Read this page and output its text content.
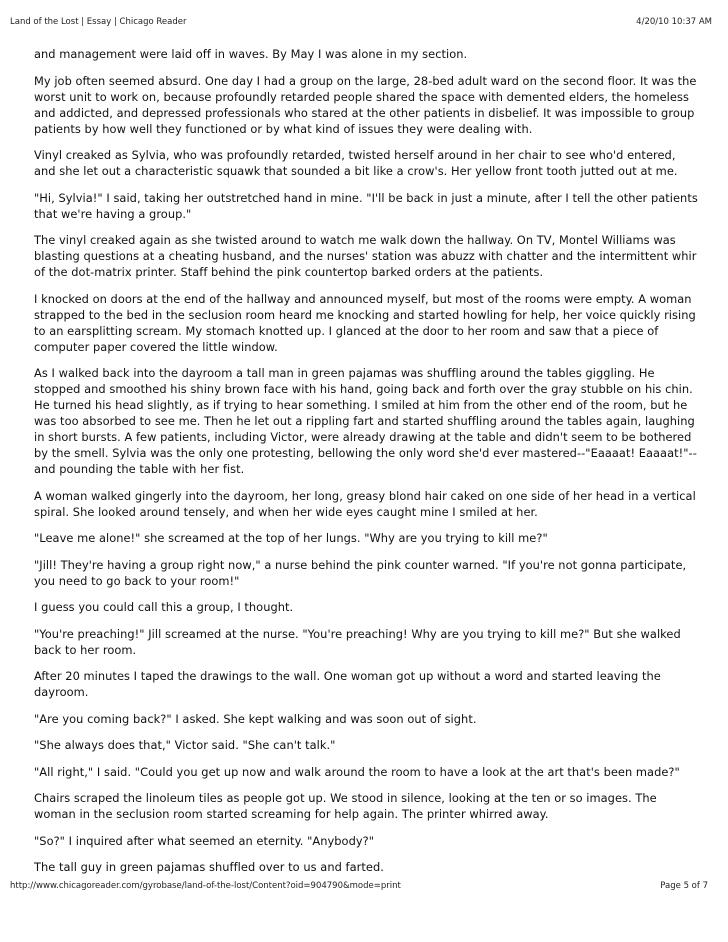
Land of the Lost | Essay | Chicago Reader	4/20/10 10:37 AM

and management were laid off in waves. By May I was alone in my section.

My job often seemed absurd. One day I had a group on the large, 28-bed adult ward on the second floor. It was the worst unit to work on, because profoundly retarded people shared the space with demented elders, the homeless and addicted, and depressed professionals who stared at the other patients in disbelief. It was impossible to group patients by how well they functioned or by what kind of issues they were dealing with.

Vinyl creaked as Sylvia, who was profoundly retarded, twisted herself around in her chair to see who'd entered, and she let out a characteristic squawk that sounded a bit like a crow's. Her yellow front tooth jutted out at me.

"Hi, Sylvia!" I said, taking her outstretched hand in mine. "I'll be back in just a minute, after I tell the other patients that we're having a group."

The vinyl creaked again as she twisted around to watch me walk down the hallway. On TV, Montel Williams was blasting questions at a cheating husband, and the nurses' station was abuzz with chatter and the intermittent whir of the dot-matrix printer. Staff behind the pink countertop barked orders at the patients.

I knocked on doors at the end of the hallway and announced myself, but most of the rooms were empty. A woman strapped to the bed in the seclusion room heard me knocking and started howling for help, her voice quickly rising to an earsplitting scream. My stomach knotted up. I glanced at the door to her room and saw that a piece of computer paper covered the little window.

As I walked back into the dayroom a tall man in green pajamas was shuffling around the tables giggling. He stopped and smoothed his shiny brown face with his hand, going back and forth over the gray stubble on his chin. He turned his head slightly, as if trying to hear something. I smiled at him from the other end of the room, but he was too absorbed to see me. Then he let out a rippling fart and started shuffling around the tables again, laughing in short bursts. A few patients, including Victor, were already drawing at the table and didn't seem to be bothered by the smell. Sylvia was the only one protesting, bellowing the only word she'd ever mastered--"Eaaaat! Eaaaat!"--and pounding the table with her fist.

A woman walked gingerly into the dayroom, her long, greasy blond hair caked on one side of her head in a vertical spiral. She looked around tensely, and when her wide eyes caught mine I smiled at her.

"Leave me alone!" she screamed at the top of her lungs. "Why are you trying to kill me?"

"Jill! They're having a group right now," a nurse behind the pink counter warned. "If you're not gonna participate, you need to go back to your room!"

I guess you could call this a group, I thought.

"You're preaching!" Jill screamed at the nurse. "You're preaching! Why are you trying to kill me?" But she walked back to her room.

After 20 minutes I taped the drawings to the wall. One woman got up without a word and started leaving the dayroom.

"Are you coming back?" I asked. She kept walking and was soon out of sight.

"She always does that," Victor said. "She can't talk."

"All right," I said. "Could you get up now and walk around the room to have a look at the art that's been made?"

Chairs scraped the linoleum tiles as people got up. We stood in silence, looking at the ten or so images. The woman in the seclusion room started screaming for help again. The printer whirred away.

"So?" I inquired after what seemed an eternity. "Anybody?"

The tall guy in green pajamas shuffled over to us and farted.

http://www.chicagoreader.com/gyrobase/land-of-the-lost/Content?oid=904790&mode=print	Page 5 of 7
